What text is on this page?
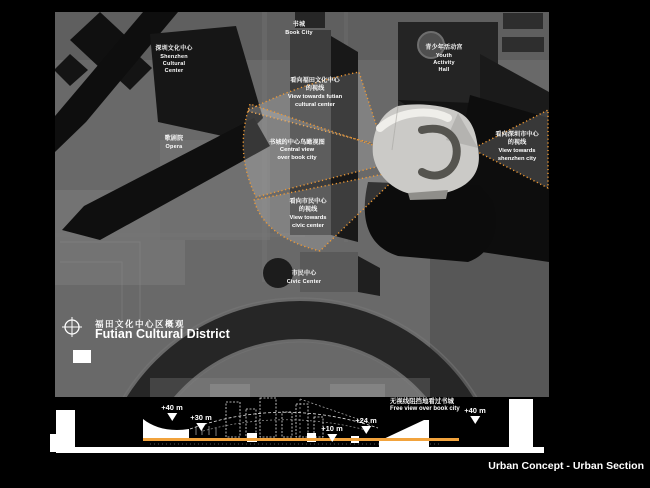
深圳文化中心
Shenzhen
Cultural
Center
书城
Book City
青少年活动宫
Youth
Activity
Hall
歌剧院
Opera
市民中心
Civic Center
看向福田文化中心
的视线
View towards futian
cultural center
书城的中心鸟瞰视图
Central view
over book city
看向市民中心
的视线
View towards
civic center
看向深圳市中心
的视线
View towards
shenzhen city
福田文化中心区概观
Futian Cultural District
+40 m
+30 m
+10 m
+24 m
+40 m
无视线阻挡地看过书城
Free view over book city
Urban Concept - Urban Section
